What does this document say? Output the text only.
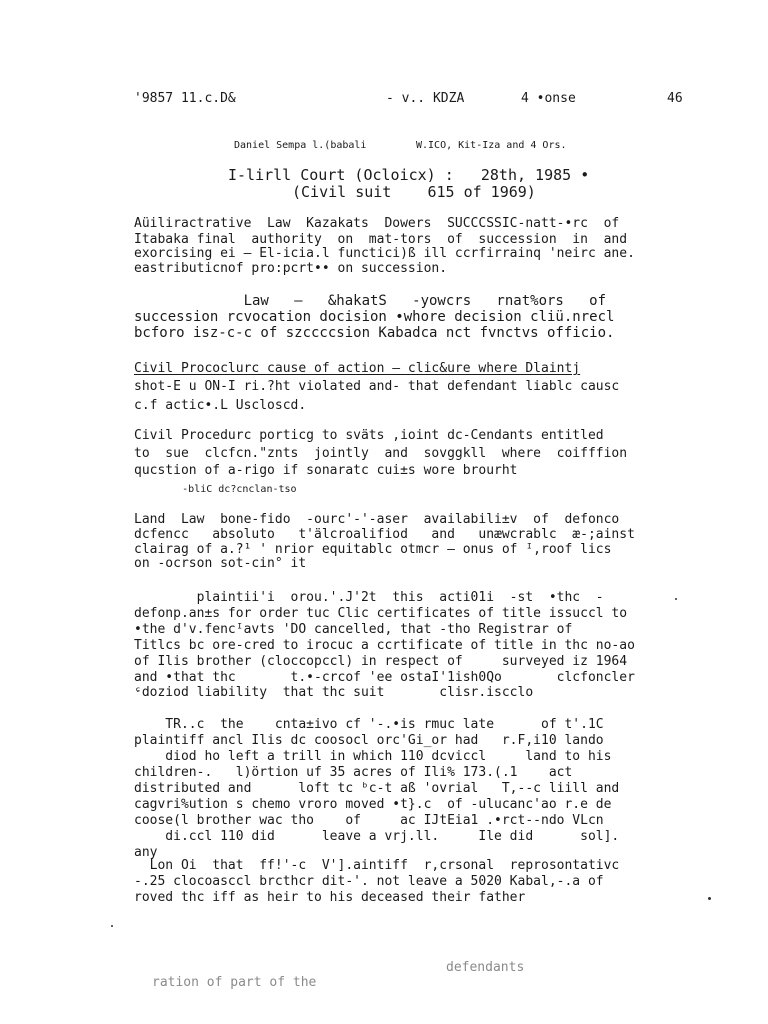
'9857 11.c.D&	- v.. KDZA	4 •onse	46
Daniel Sempa l.(babali	W.ICO, Kit-Iza and 4 Ors.
I-lirll Court (Ocloicx) :   28th, 1985 •
(Civil suit    615 of 1969)
Aüiliractrative  Law  Kazakats  Dowers  SUCCCSSIC-natt-•rc  of
Itabaka final  authority  on  mat-tors  of  succession  in  and
exorcising ei — El-icia.l functici)ß ill ccrfirrainq 'neirc ane.
eastributicnof pro:pcrt•• on succession.
Law   —   &hakatS   -yowcrs   rnat%ors   of
succession rcvocation docision •whore decision cliü.nrecl
bcforo isz-c-c of szccccsion Kabadca nct fvnctvs officio.
Civil Prococlurc cause of action — clic&ure where Dlaintj
shot-E u ON-I ri.?ht violated and- that defendant liablc causc
c.f actic•.L Uscloscd.
Civil Procedurc porticg to sväts ,ioint dc-Cendants entitled
to  sue  clcfcn."znts  jointly  and  sovggkll  where  coifffion
qucstion of a-rigo if sonaratc cui±s wore brourht
-bliC dc?cnclan-tso
Land  Law  bone-fido  -ourc'-'-aser  availabili±v  of  defonco
dcfencc   absoluto   t'älcroalifiod   and   unæwcrablc  æ-;ainst
clairag of a.?¹ ' nrior equitablc otmcr — onus of ᴵ,roof lics
on -ocrson sot-cin° it
plaintii'i  orou.'.J'2t  this  acti01i  -st  •thc  -
defonp.an±s for order tuc Clic certificates of title issuccl to
•the d'v.fencᴵavts 'DO cancelled, that -tho Registrar of
Titlcs bc ore-cred to irocuc a ccrtificate of title in thc no-ao
of Ilis brother (cloccopccl) in respect of     surveyed iz 1964
and •that thc       t.•-crcof 'ee ostaI'1ish0Qo       clcfoncler
ᶝdoziod liability  that thc suit       clisr.iscclo
TR..c  the    cnta±ivo cf '-.•is rmuc late      of t'.1C
plaintiff ancl Ilis dc coosocl orc'Gi_or had   r.F,i10 lando
diod ho left a trill in which 110 dcviccl     land to his
children-.   l)örtion uf 35 acres of Ili% 173.(.1    act
distributed and      loft tc ᵇc-t aß 'ovrial   T,--c liill and
cagvri%ution s chemo vroro moved •t}.c  of -ulucanc'ao r.e de
coose(l brother wac tho    of     ac IJtEia1 .•rct--ndo VLcn
di.ccl 110 did      leave a vrj.ll.     Ile did      sol].
any
Lon Oi  that  ff!'-c  V'].aintiff  r,crsonal  reprosontativc
-.25 clocoasccl brcthcr dit-'. not leave a 5020 Kabal,-.a of
roved thc iff as heir to his deceased their father
defendants
ration of part of the
